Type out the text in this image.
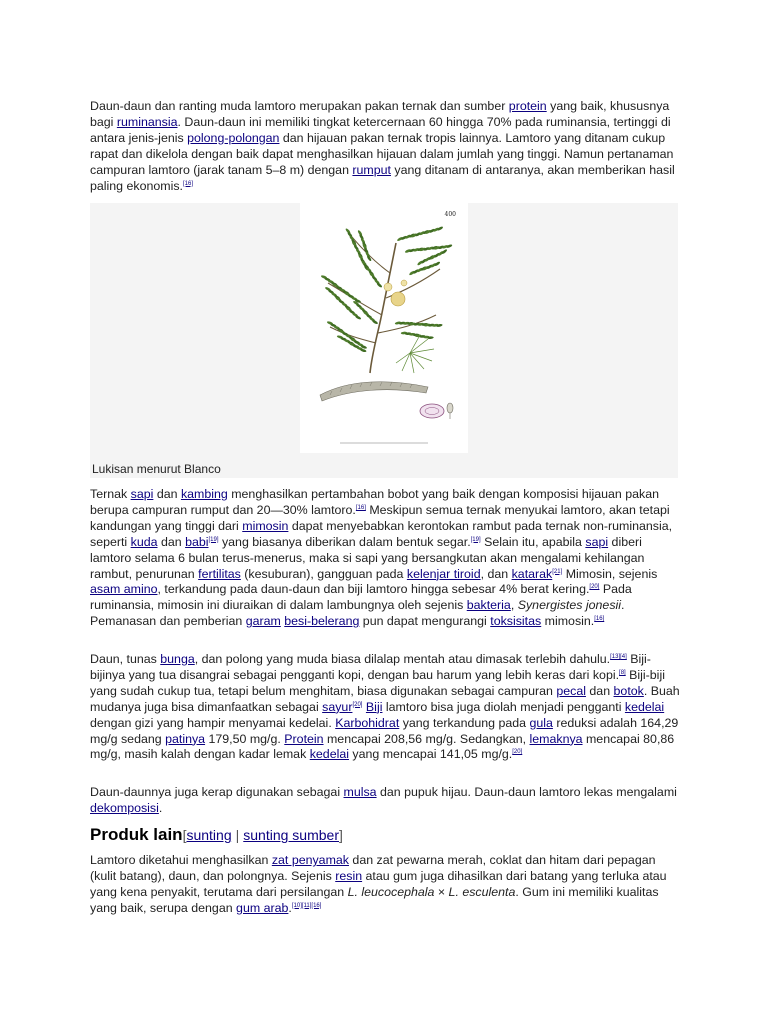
Daun-daun dan ranting muda lamtoro merupakan pakan ternak dan sumber protein yang baik, khususnya bagi ruminansia. Daun-daun ini memiliki tingkat ketercernaan 60 hingga 70% pada ruminansia, tertinggi di antara jenis-jenis polong-polongan dan hijauan pakan ternak tropis lainnya. Lamtoro yang ditanam cukup rapat dan dikelola dengan baik dapat menghasilkan hijauan dalam jumlah yang tinggi. Namun pertanaman campuran lamtoro (jarak tanam 5–8 m) dengan rumput yang ditanam di antaranya, akan memberikan hasil paling ekonomis.[16]

400
Lukisan menurut Blanco

Ternak sapi dan kambing menghasilkan pertambahan bobot yang baik dengan komposisi hijauan pakan berupa campuran rumput dan 20—30% lamtoro.[16] Meskipun semua ternak menyukai lamtoro, akan tetapi kandungan yang tinggi dari mimosin dapat menyebabkan kerontokan rambut pada ternak non-ruminansia, seperti kuda dan babi[19] yang biasanya diberikan dalam bentuk segar.[19] Selain itu, apabila sapi diberi lamtoro selama 6 bulan terus-menerus, maka si sapi yang bersangkutan akan mengalami kehilangan rambut, penurunan fertilitas (kesuburan), gangguan pada kelenjar tiroid, dan katarak[21] Mimosin, sejenis asam amino, terkandung pada daun-daun dan biji lamtoro hingga sebesar 4% berat kering.[20] Pada ruminansia, mimosin ini diuraikan di dalam lambungnya oleh sejenis bakteria, Synergistes jonesii. Pemanasan dan pemberian garam besi-belerang pun dapat mengurangi toksisitas mimosin.[16]

Daun, tunas bunga, dan polong yang muda biasa dilalap mentah atau dimasak terlebih dahulu.[13][4] Biji-bijinya yang tua disangrai sebagai pengganti kopi, dengan bau harum yang lebih keras dari kopi.[8] Biji-biji yang sudah cukup tua, tetapi belum menghitam, biasa digunakan sebagai campuran pecal dan botok. Buah mudanya juga bisa dimanfaatkan sebagai sayur[20] Biji lamtoro bisa juga diolah menjadi pengganti kedelai dengan gizi yang hampir menyamai kedelai. Karbohidrat yang terkandung pada gula reduksi adalah 164,29 mg/g sedang patinya 179,50 mg/g. Protein mencapai 208,56 mg/g. Sedangkan, lemaknya mencapai 80,86 mg/g, masih kalah dengan kadar lemak kedelai yang mencapai 141,05 mg/g.[20]

Daun-daunnya juga kerap digunakan sebagai mulsa dan pupuk hijau. Daun-daun lamtoro lekas mengalami dekomposisi.

Produk lain[sunting | sunting sumber]

Lamtoro diketahui menghasilkan zat penyamak dan zat pewarna merah, coklat dan hitam dari pepagan (kulit batang), daun, dan polongnya. Sejenis resin atau gum juga dihasilkan dari batang yang terluka atau yang kena penyakit, terutama dari persilangan L. leucocephala × L. esculenta. Gum ini memiliki kualitas yang baik, serupa dengan gum arab.[10][11][16]
